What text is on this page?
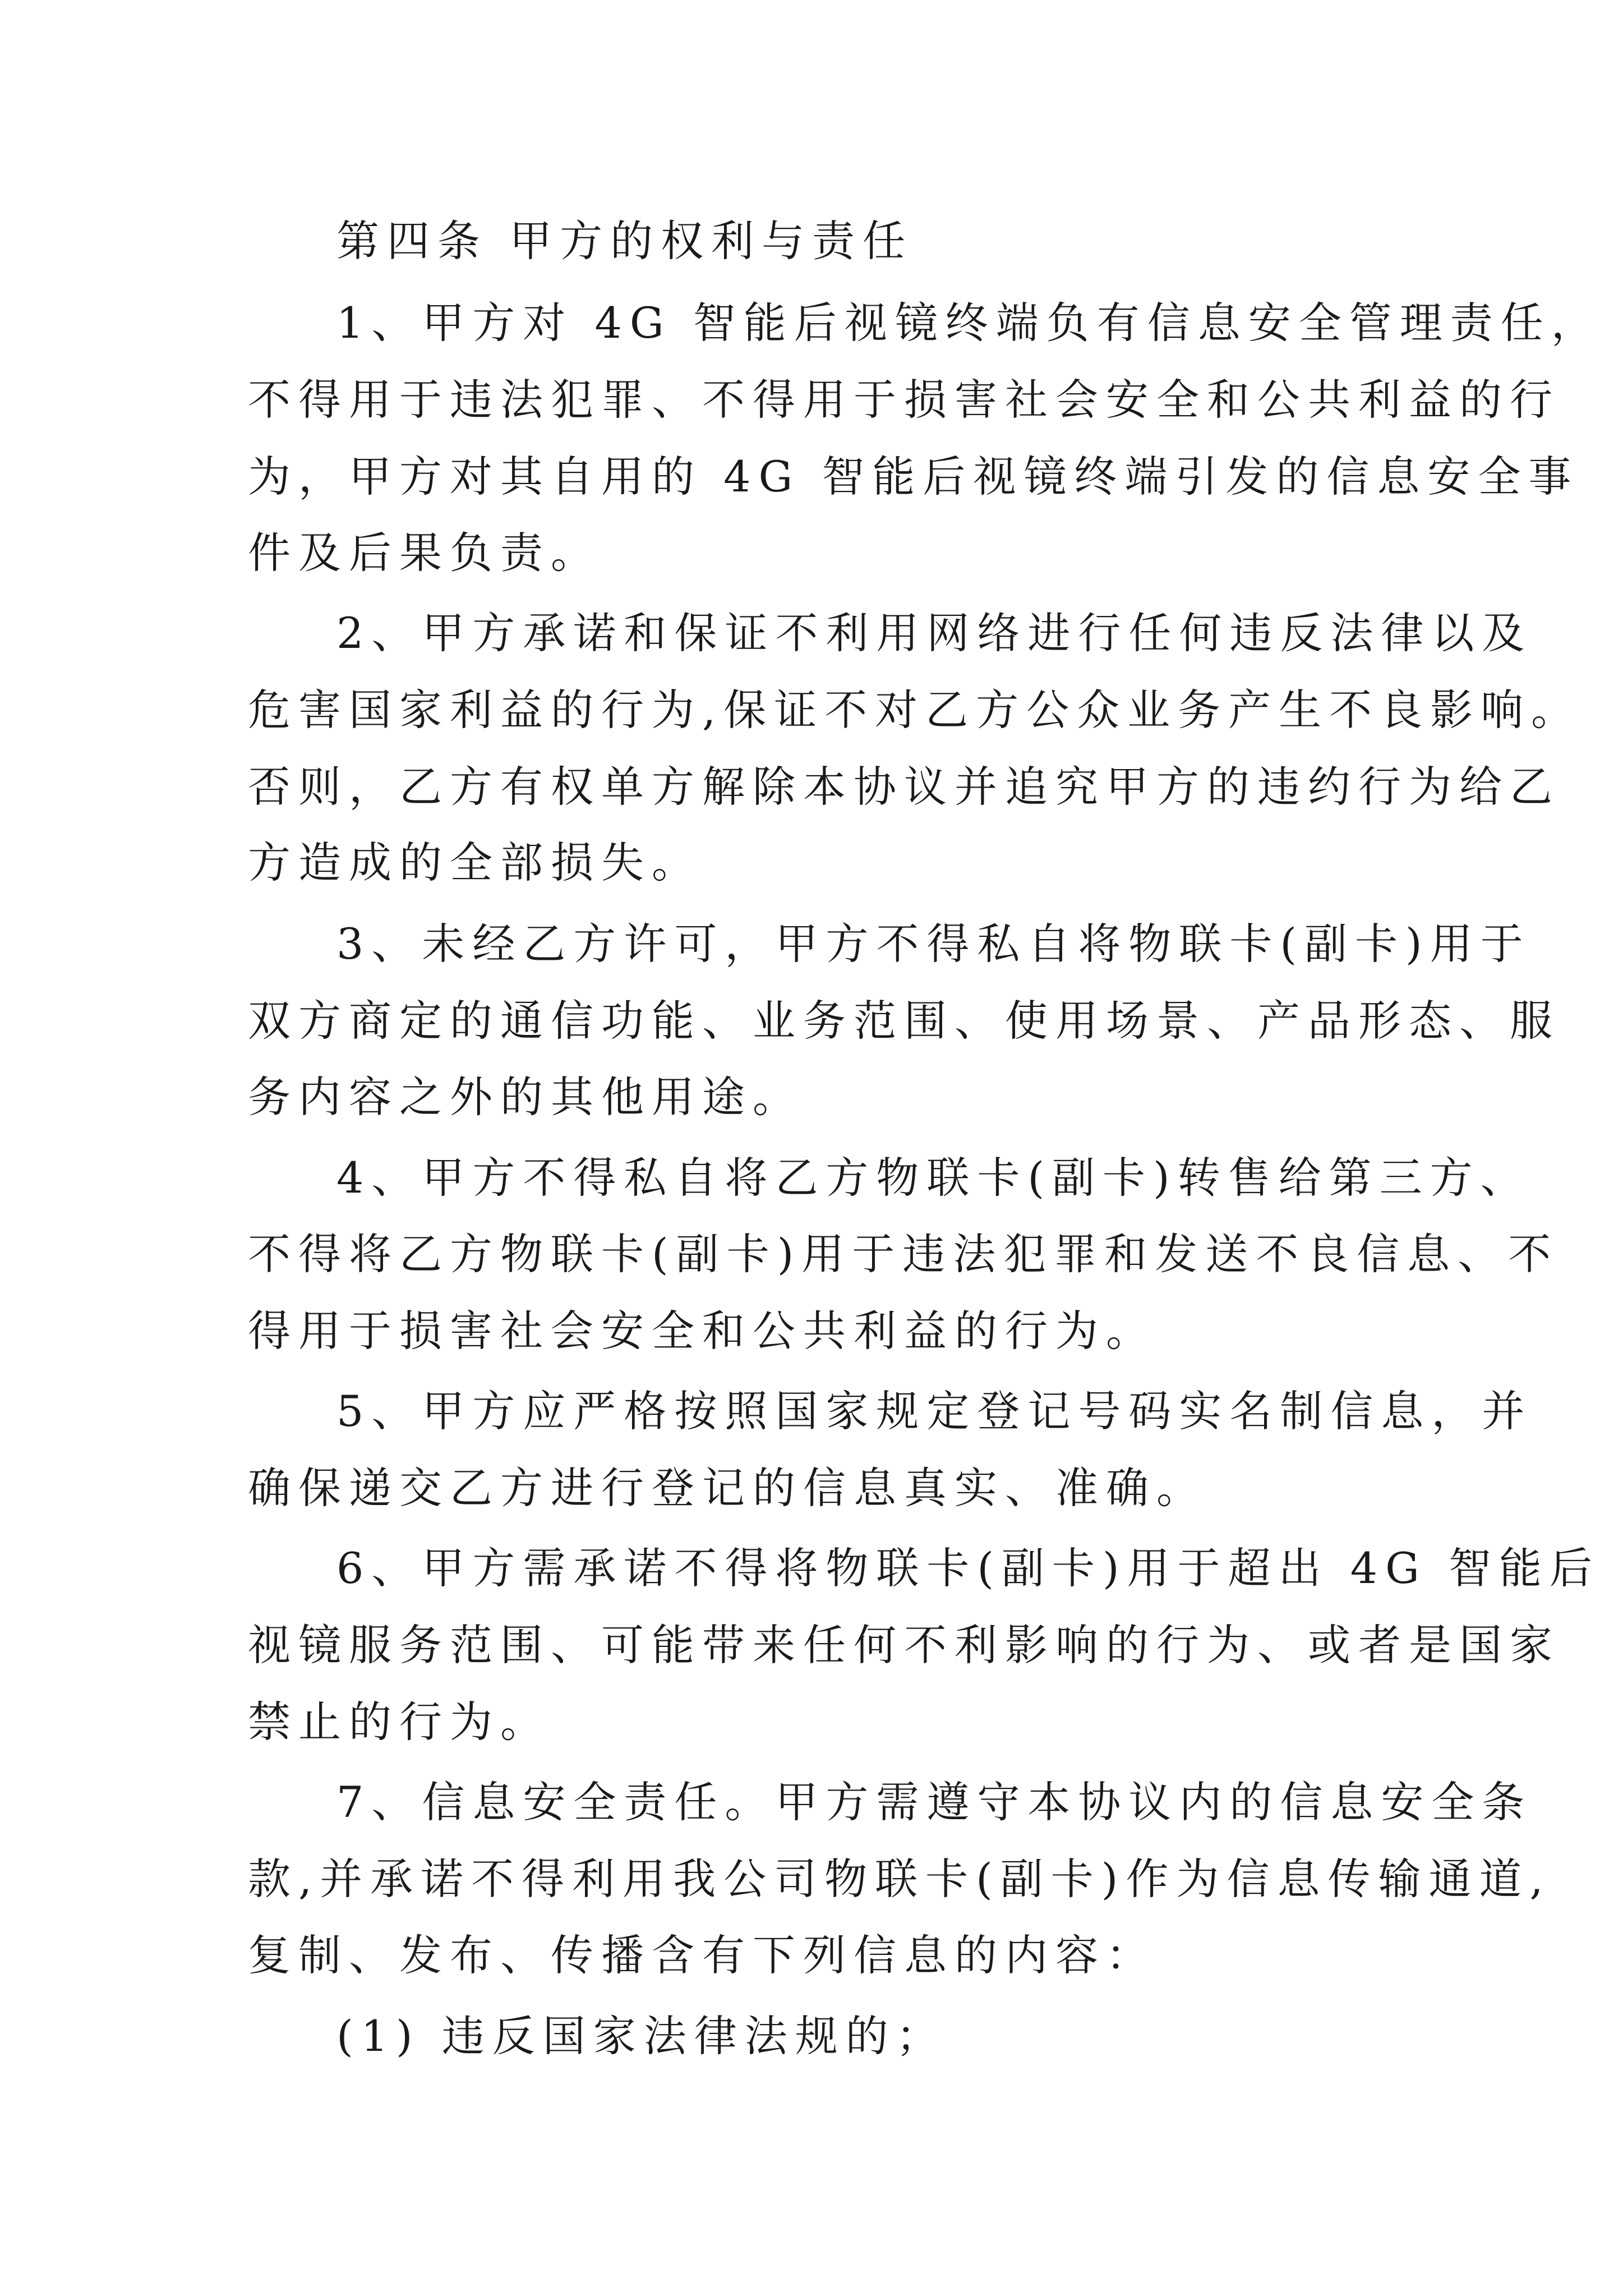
第四条 甲方的权利与责任
1、甲方对 4G 智能后视镜终端负有信息安全管理责任，
不得用于违法犯罪、不得用于损害社会安全和公共利益的行
为，甲方对其自用的 4G 智能后视镜终端引发的信息安全事
件及后果负责。
2、甲方承诺和保证不利用网络进行任何违反法律以及
危害国家利益的行为,保证不对乙方公众业务产生不良影响。
否则，乙方有权单方解除本协议并追究甲方的违约行为给乙
方造成的全部损失。
3、未经乙方许可，甲方不得私自将物联卡(副卡)用于
双方商定的通信功能、业务范围、使用场景、产品形态、服
务内容之外的其他用途。
4、甲方不得私自将乙方物联卡(副卡)转售给第三方、
不得将乙方物联卡(副卡)用于违法犯罪和发送不良信息、不
得用于损害社会安全和公共利益的行为。
5、甲方应严格按照国家规定登记号码实名制信息，并
确保递交乙方进行登记的信息真实、准确。
6、甲方需承诺不得将物联卡(副卡)用于超出 4G 智能后
视镜服务范围、可能带来任何不利影响的行为、或者是国家
禁止的行为。
7、信息安全责任。甲方需遵守本协议内的信息安全条
款,并承诺不得利用我公司物联卡(副卡)作为信息传输通道,
复制、发布、传播含有下列信息的内容：
(1) 违反国家法律法规的；
